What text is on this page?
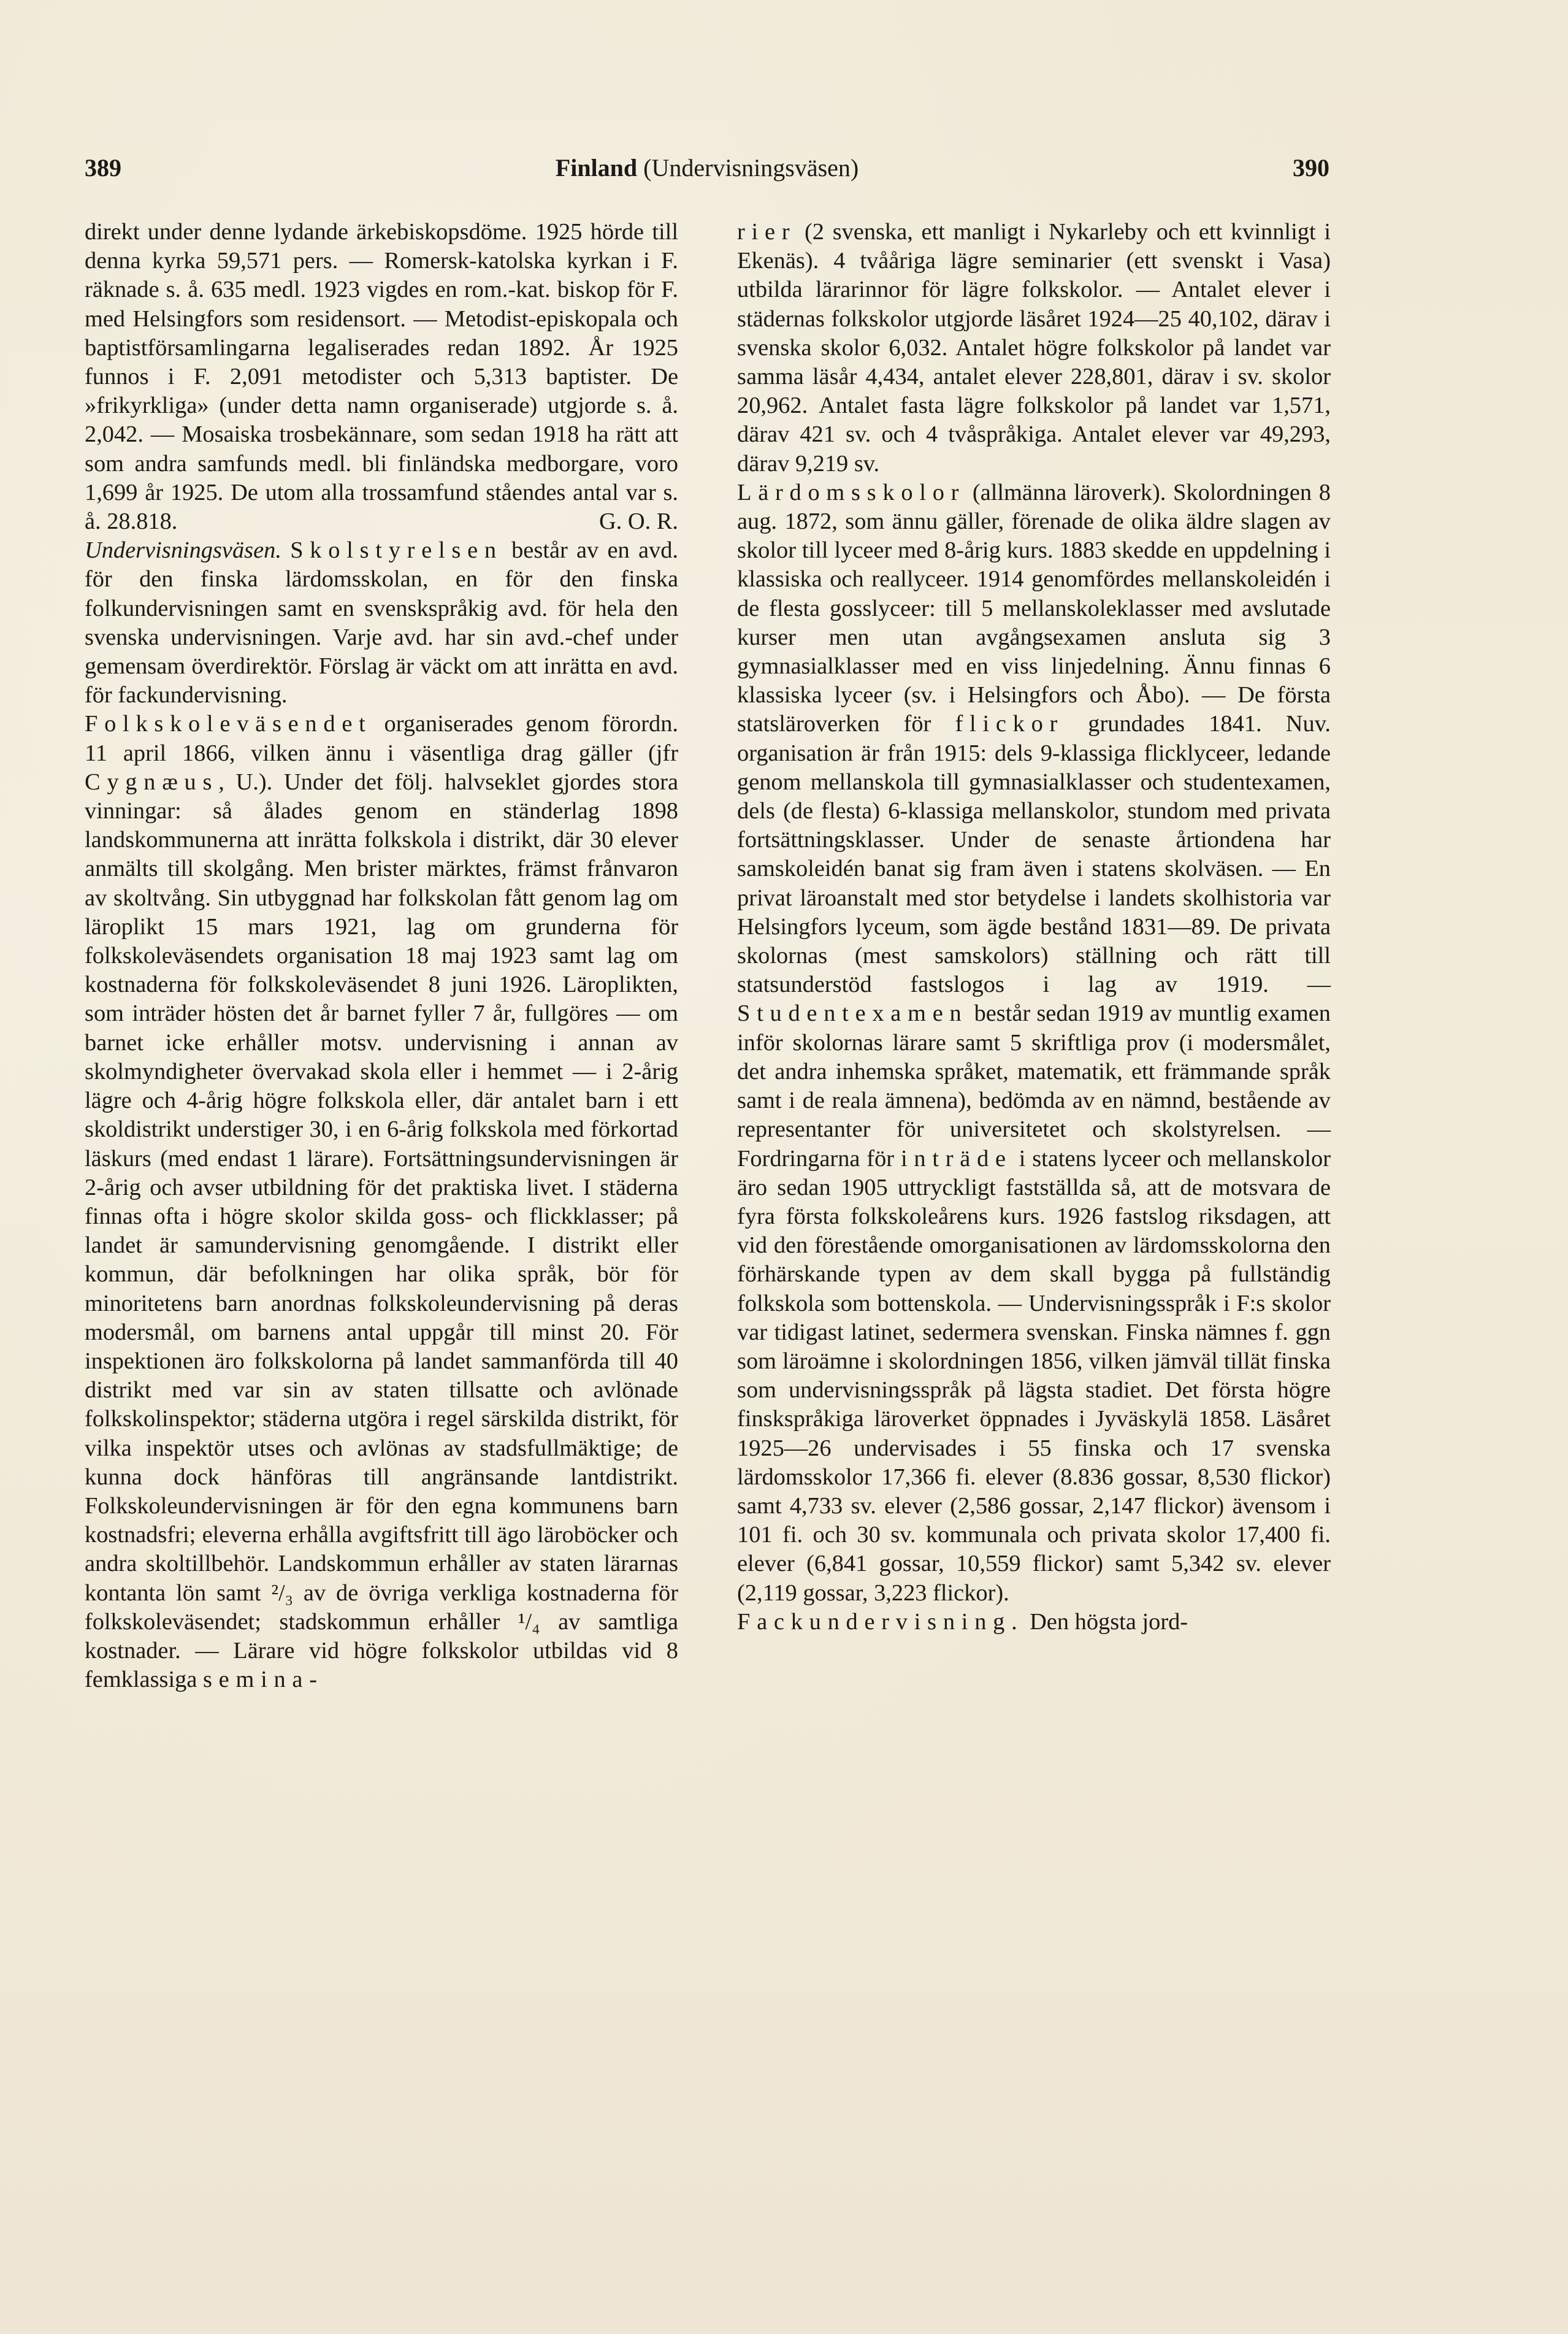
389	Finland (Undervisningsväsen)	390

direkt under denne lydande ärkebiskopsdöme. 1925 hörde till denna kyrka 59,571 pers. — Romersk-katolska kyrkan i F. räknade s. å. 635 medl. 1923 vigdes en rom.-kat. biskop för F. med Helsingfors som residensort. — Metodist-episkopala och baptistförsamlingarna legaliserades redan 1892. År 1925 funnos i F. 2,091 metodister och 5,313 baptister. De »frikyrkliga» (under detta namn organiserade) utgjorde s. å. 2,042. — Mosaiska trosbekännare, som sedan 1918 ha rätt att som andra samfunds medl. bli finländska medborgare, voro 1,699 år 1925. De utom alla trossamfund ståendes antal var s. å. 28.818.	G. O. R.

Undervisningsväsen. Skolstyrelsen består av en avd. för den finska lärdomsskolan, en för den finska folkundervisningen samt en svenskspråkig avd. för hela den svenska undervisningen. Varje avd. har sin avd.-chef under gemensam överdirektör. Förslag är väckt om att inrätta en avd. för fackundervisning.

Folkskoleväsendet organiserades genom förordn. 11 april 1866, vilken ännu i väsentliga drag gäller (jfr Cygnæus, U.). Under det följ. halvseklet gjordes stora vinningar: så ålades genom en ständerlag 1898 landskommunerna att inrätta folkskola i distrikt, där 30 elever anmälts till skolgång. Men brister märktes, främst frånvaron av skoltvång. Sin utbyggnad har folkskolan fått genom lag om läroplikt 15 mars 1921, lag om grunderna för folkskoleväsendets organisation 18 maj 1923 samt lag om kostnaderna för folkskoleväsendet 8 juni 1926. Läroplikten, som inträder hösten det år barnet fyller 7 år, fullgöres — om barnet icke erhåller motsv. undervisning i annan av skolmyndigheter övervakad skola eller i hemmet — i 2-årig lägre och 4-årig högre folkskola eller, där antalet barn i ett skoldistrikt understiger 30, i en 6-årig folkskola med förkortad läskurs (med endast 1 lärare). Fortsättningsundervisningen är 2-årig och avser utbildning för det praktiska livet. I städerna finnas ofta i högre skolor skilda goss- och flickklasser; på landet är samundervisning genomgående. I distrikt eller kommun, där befolkningen har olika språk, bör för minoritetens barn anordnas folkskoleundervisning på deras modersmål, om barnens antal uppgår till minst 20. För inspektionen äro folkskolorna på landet sammanförda till 40 distrikt med var sin av staten tillsatte och avlönade folkskolinspektor; städerna utgöra i regel särskilda distrikt, för vilka inspektör utses och avlönas av stadsfullmäktige; de kunna dock hänföras till angränsande lantdistrikt. Folkskoleundervisningen är för den egna kommunens barn kostnadsfri; eleverna erhålla avgiftsfritt till ägo läroböcker och andra skoltillbehör. Landskommun erhåller av staten lärarnas kontanta lön samt ²/₃ av de övriga verkliga kostnaderna för folkskoleväsendet; stadskommun erhåller ¹/₄ av samtliga kostnader. — Lärare vid högre folkskolor utbildas vid 8 femklassiga semina-

rier (2 svenska, ett manligt i Nykarleby och ett kvinnligt i Ekenäs). 4 tvååriga lägre seminarier (ett svenskt i Vasa) utbilda lärarinnor för lägre folkskolor. — Antalet elever i städernas folkskolor utgjorde läsåret 1924—25 40,102, därav i svenska skolor 6,032. Antalet högre folkskolor på landet var samma läsår 4,434, antalet elever 228,801, därav i sv. skolor 20,962. Antalet fasta lägre folkskolor på landet var 1,571, därav 421 sv. och 4 tvåspråkiga. Antalet elever var 49,293, därav 9,219 sv.

Lärdomsskolor (allmänna läroverk). Skolordningen 8 aug. 1872, som ännu gäller, förenade de olika äldre slagen av skolor till lyceer med 8-årig kurs. 1883 skedde en uppdelning i klassiska och reallyceer. 1914 genomfördes mellanskoleidén i de flesta gosslyceer: till 5 mellanskoleklasser med avslutade kurser men utan avgångsexamen ansluta sig 3 gymnasialklasser med en viss linjedelning. Ännu finnas 6 klassiska lyceer (sv. i Helsingfors och Åbo). — De första statsläroverken för flickor grundades 1841. Nuv. organisation är från 1915: dels 9-klassiga flicklyceer, ledande genom mellanskola till gymnasialklasser och studentexamen, dels (de flesta) 6-klassiga mellanskolor, stundom med privata fortsättningsklasser. Under de senaste årtiondena har samskoleidén banat sig fram även i statens skolväsen. — En privat läroanstalt med stor betydelse i landets skolhistoria var Helsingfors lyceum, som ägde bestånd 1831—89. De privata skolornas (mest samskolors) ställning och rätt till statsunderstöd fastslogos i lag av 1919. — Studentexamen består sedan 1919 av muntlig examen inför skolornas lärare samt 5 skriftliga prov (i modersmålet, det andra inhemska språket, matematik, ett främmande språk samt i de reala ämnena), bedömda av en nämnd, bestående av representanter för universitetet och skolstyrelsen. — Fordringarna för inträde i statens lyceer och mellanskolor äro sedan 1905 uttryckligt fastställda så, att de motsvara de fyra första folkskoleårens kurs. 1926 fastslog riksdagen, att vid den förestående omorganisationen av lärdomsskolorna den förhärskande typen av dem skall bygga på fullständig folkskola som bottenskola. — Undervisningsspråk i F:s skolor var tidigast latinet, sedermera svenskan. Finska nämnes f. ggn som läroämne i skolordningen 1856, vilken jämväl tillät finska som undervisningsspråk på lägsta stadiet. Det första högre finskspråkiga läroverket öppnades i Jyväskylä 1858. Läsåret 1925—26 undervisades i 55 finska och 17 svenska lärdomsskolor 17,366 fi. elever (8.836 gossar, 8,530 flickor) samt 4,733 sv. elever (2,586 gossar, 2,147 flickor) ävensom i 101 fi. och 30 sv. kommunala och privata skolor 17,400 fi. elever (6,841 gossar, 10,559 flickor) samt 5,342 sv. elever (2,119 gossar, 3,223 flickor).

Fackundervisning. Den högsta jord-
